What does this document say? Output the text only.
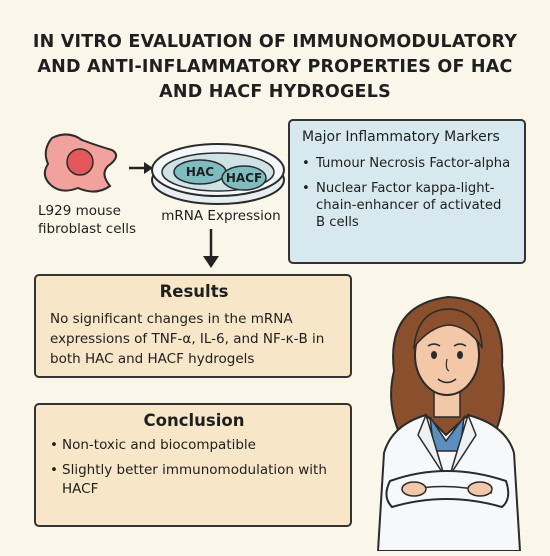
IN VITRO EVALUATION OF IMMUNOMODULATORY
AND ANTI-INFLAMMATORY PROPERTIES OF HAC
AND HACF HYDROGELS
L929 mouse fibroblast cells
HAC HACF
mRNA Expression
Major Inflammatory Markers
• Tumour Necrosis Factor-alpha
• Nuclear Factor kappa-light-chain-enhancer of activated B cells
Results
No significant changes in the mRNA expressions of TNF-α, IL-6, and NF-κ-B in both HAC and HACF hydrogels
Conclusion
• Non-toxic and biocompatible
• Slightly better immunomodulation with HACF
